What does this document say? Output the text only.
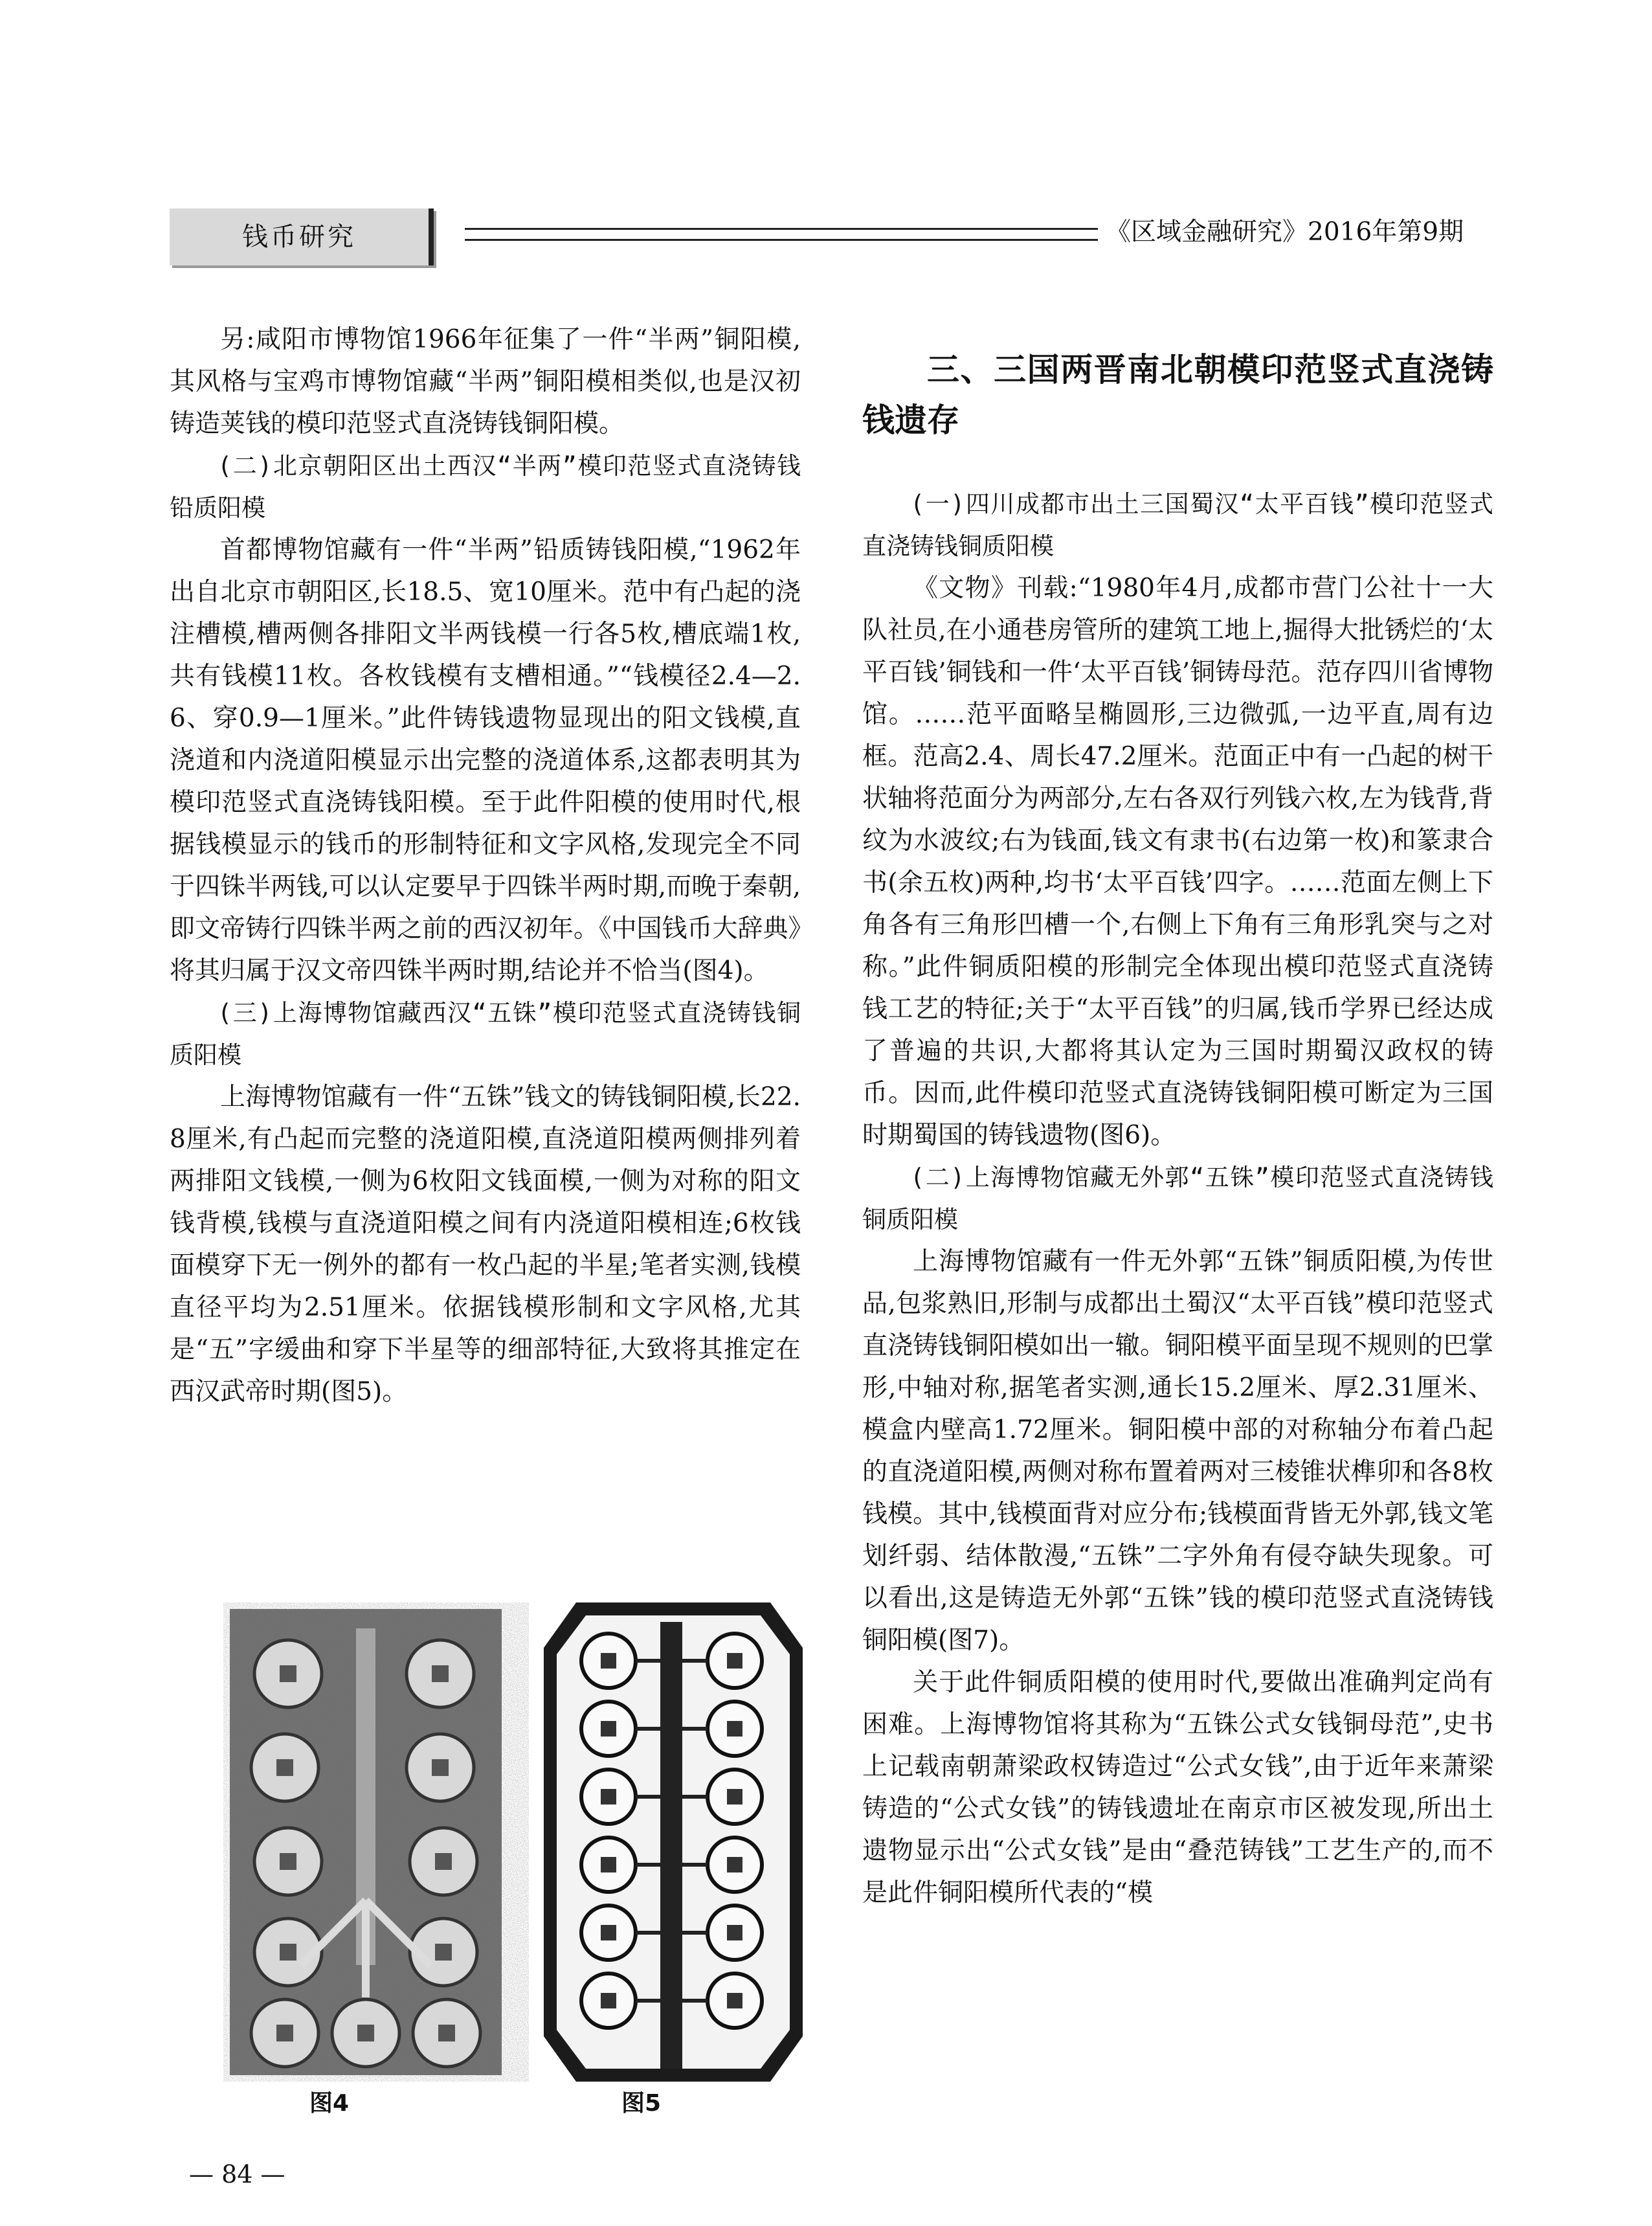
钱币研究	《区域金融研究》2016年第9期

另:咸阳市博物馆1966年征集了一件“半两”铜阳模,其风格与宝鸡市博物馆藏“半两”铜阳模相类似,也是汉初铸造荚钱的模印范竖式直浇铸钱铜阳模。

(二)北京朝阳区出土西汉“半两”模印范竖式直浇铸钱铅质阳模

首都博物馆藏有一件“半两”铅质铸钱阳模,“1962年出自北京市朝阳区,长18.5、宽10厘米。范中有凸起的浇注槽模,槽两侧各排阳文半两钱模一行各5枚,槽底端1枚,共有钱模11枚。各枚钱模有支槽相通。”“钱模径2.4—2.6、穿0.9—1厘米。”此件铸钱遗物显现出的阳文钱模,直浇道和内浇道阳模显示出完整的浇道体系,这都表明其为模印范竖式直浇铸钱阳模。至于此件阳模的使用时代,根据钱模显示的钱币的形制特征和文字风格,发现完全不同于四铢半两钱,可以认定要早于四铢半两时期,而晚于秦朝,即文帝铸行四铢半两之前的西汉初年。《中国钱币大辞典》将其归属于汉文帝四铢半两时期,结论并不恰当(图4)。

(三)上海博物馆藏西汉“五铢”模印范竖式直浇铸钱铜质阳模

上海博物馆藏有一件“五铢”钱文的铸钱铜阳模,长22.8厘米,有凸起而完整的浇道阳模,直浇道阳模两侧排列着两排阳文钱模,一侧为6枚阳文钱面模,一侧为对称的阳文钱背模,钱模与直浇道阳模之间有内浇道阳模相连;6枚钱面模穿下无一例外的都有一枚凸起的半星;笔者实测,钱模直径平均为2.51厘米。依据钱模形制和文字风格,尤其是“五”字缓曲和穿下半星等的细部特征,大致将其推定在西汉武帝时期(图5)。

图4	图5
三、三国两晋南北朝模印范竖式直浇铸钱遗存

(一)四川成都市出土三国蜀汉“太平百钱”模印范竖式直浇铸钱铜质阳模

《文物》刊载:“1980年4月,成都市营门公社十一大队社员,在小通巷房管所的建筑工地上,掘得大批锈烂的‘太平百钱’铜钱和一件‘太平百钱’铜铸母范。范存四川省博物馆。……范平面略呈椭圆形,三边微弧,一边平直,周有边框。范高2.4、周长47.2厘米。范面正中有一凸起的树干状轴将范面分为两部分,左右各双行列钱六枚,左为钱背,背纹为水波纹;右为钱面,钱文有隶书(右边第一枚)和篆隶合书(余五枚)两种,均书‘太平百钱’四字。……范面左侧上下角各有三角形凹槽一个,右侧上下角有三角形乳突与之对称。”此件铜质阳模的形制完全体现出模印范竖式直浇铸钱工艺的特征;关于“太平百钱”的归属,钱币学界已经达成了普遍的共识,大都将其认定为三国时期蜀汉政权的铸币。因而,此件模印范竖式直浇铸钱铜阳模可断定为三国时期蜀国的铸钱遗物(图6)。

(二)上海博物馆藏无外郭“五铢”模印范竖式直浇铸钱铜质阳模

上海博物馆藏有一件无外郭“五铢”铜质阳模,为传世品,包浆熟旧,形制与成都出土蜀汉“太平百钱”模印范竖式直浇铸钱铜阳模如出一辙。铜阳模平面呈现不规则的巴掌形,中轴对称,据笔者实测,通长15.2厘米、厚2.31厘米、模盒内壁高1.72厘米。铜阳模中部的对称轴分布着凸起的直浇道阳模,两侧对称布置着两对三棱锥状榫卯和各8枚钱模。其中,钱模面背对应分布;钱模面背皆无外郭,钱文笔划纤弱、结体散漫,“五铢”二字外角有侵夺缺失现象。可以看出,这是铸造无外郭“五铢”钱的模印范竖式直浇铸钱铜阳模(图7)。

关于此件铜质阳模的使用时代,要做出准确判定尚有困难。上海博物馆将其称为“五铢公式女钱铜母范”,史书上记载南朝萧梁政权铸造过“公式女钱”,由于近年来萧梁铸造的“公式女钱”的铸钱遗址在南京市区被发现,所出土遗物显示出“公式女钱”是由“叠范铸钱”工艺生产的,而不是此件铜阳模所代表的“模

— 84 —
